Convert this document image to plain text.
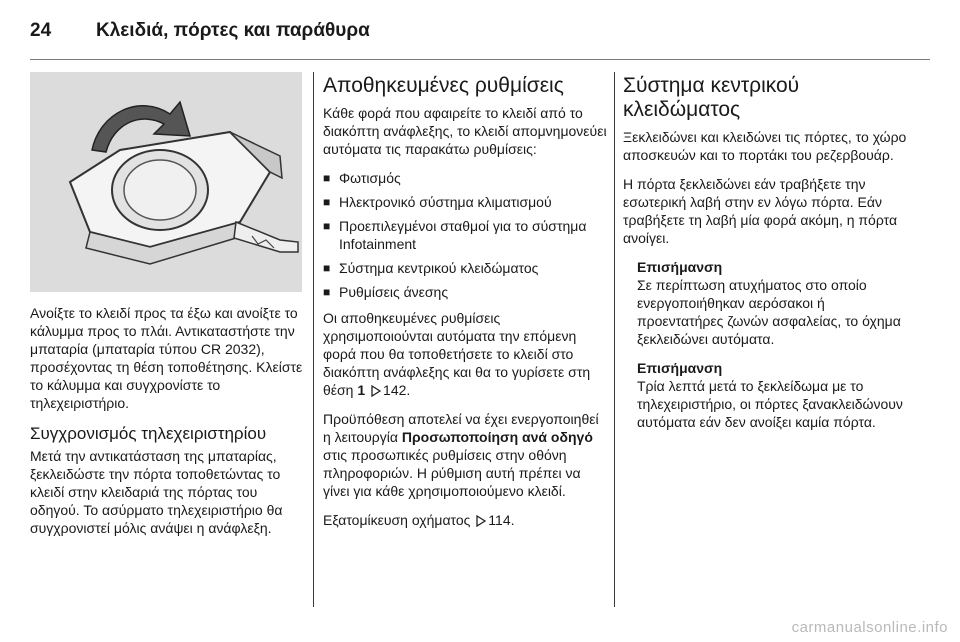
24	Κλειδιά, πόρτες και παράθυρα

Ανοίξτε το κλειδί προς τα έξω και ανοίξτε το κάλυμμα προς το πλάι. Αντικαταστήστε την μπαταρία (μπαταρία τύπου CR 2032), προσέχοντας τη θέση τοποθέτησης. Κλείστε το κάλυμμα και συγχρονίστε το τηλεχειριστήριο.

Συγχρονισμός τηλεχειριστηρίου

Μετά την αντικατάσταση της μπαταρίας, ξεκλειδώστε την πόρτα τοποθετώντας το κλειδί στην κλειδαριά της πόρτας του οδηγού. Το ασύρματο τηλεχειριστήριο θα συγχρονιστεί μόλις ανάψει η ανάφλεξη.

Αποθηκευμένες ρυθμίσεις

Κάθε φορά που αφαιρείτε το κλειδί από το διακόπτη ανάφλεξης, το κλειδί απομνημονεύει αυτόματα τις παρακάτω ρυθμίσεις:

■ Φωτισμός
■ Ηλεκτρονικό σύστημα κλιματισμού
■ Προεπιλεγμένοι σταθμοί για το σύστημα Infotainment
■ Σύστημα κεντρικού κλειδώματος
■ Ρυθμίσεις άνεσης

Οι αποθηκευμένες ρυθμίσεις χρησιμοποιούνται αυτόματα την επόμενη φορά που θα τοποθετήσετε το κλειδί στο διακόπτη ανάφλεξης και θα το γυρίσετε στη θέση 1 142.

Προϋπόθεση αποτελεί να έχει ενεργοποιηθεί η λειτουργία Προσωποποίηση ανά οδηγό στις προσωπικές ρυθμίσεις στην οθόνη πληροφοριών. Η ρύθμιση αυτή πρέπει να γίνει για κάθε χρησιμοποιούμενο κλειδί.

Εξατομίκευση οχήματος 114.

Σύστημα κεντρικού κλειδώματος

Ξεκλειδώνει και κλειδώνει τις πόρτες, το χώρο αποσκευών και το πορτάκι του ρεζερβουάρ.

Η πόρτα ξεκλειδώνει εάν τραβήξετε την εσωτερική λαβή στην εν λόγω πόρτα. Εάν τραβήξετε τη λαβή μία φορά ακόμη, η πόρτα ανοίγει.

Επισήμανση
Σε περίπτωση ατυχήματος στο οποίο ενεργοποιήθηκαν αερόσακοι ή προεντατήρες ζωνών ασφαλείας, το όχημα ξεκλειδώνει αυτόματα.
Επισήμανση
Τρία λεπτά μετά το ξεκλείδωμα με το τηλεχειριστήριο, οι πόρτες ξανακλειδώνουν αυτόματα εάν δεν ανοίξει καμία πόρτα.
carmanualsonline.info
